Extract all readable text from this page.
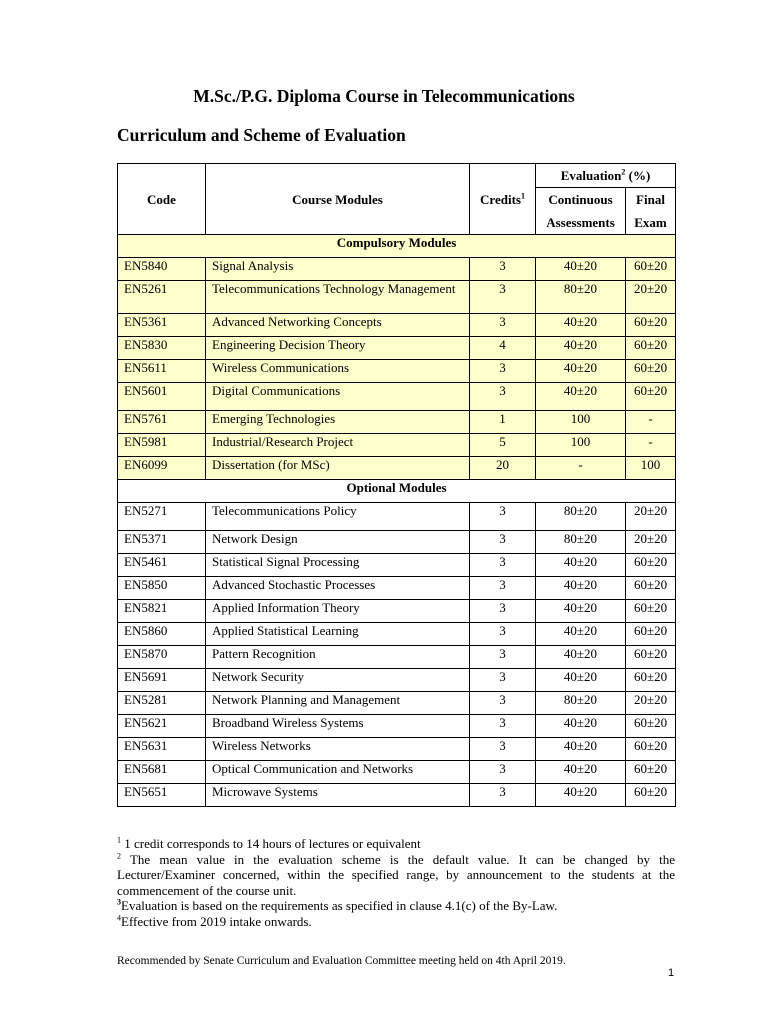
M.Sc./P.G. Diploma Course in Telecommunications
Curriculum and Scheme of Evaluation
Code	Course Modules	Credits$^1$	Evaluation$^2$ (%)	
			Continuous Assessments	Final Exam

Compulsory Modules				
EN5840	Signal Analysis	3	40±20	60±20
EN5261	Telecommunications Technology Management	3	80±20	20±20
EN5361	Advanced Networking Concepts	3	40±20	60±20
EN5830	Engineering Decision Theory	4	40±20	60±20
EN5611	Wireless Communications	3	40±20	60±20
EN5601	Digital Communications	3	40±20	60±20
EN5761	Emerging Technologies	1	100	-
EN5981	Industrial/Research Project	5	100	-
EN6099	Dissertation (for MSc)	20	-	100
Optional Modules				
EN5271	Telecommunications Policy	3	80±20	20±20
EN5371	Network Design	3	80±20	20±20
EN5461	Statistical Signal Processing	3	40±20	60±20
EN5850	Advanced Stochastic Processes	3	40±20	60±20
EN5821	Applied Information Theory	3	40±20	60±20
EN5860	Applied Statistical Learning	3	40±20	60±20
EN5870	Pattern Recognition	3	40±20	60±20
EN5691	Network Security	3	40±20	60±20
EN5281	Network Planning and Management	3	80±20	20±20
EN5621	Broadband Wireless Systems	3	40±20	60±20
EN5631	Wireless Networks	3	40±20	60±20
EN5681	Optical Communication and Networks	3	40±20	60±20
EN5651	Microwave Systems	3	40±20	60±20

$^1$ 1 credit corresponds to 14 hours of lectures or equivalent

$^2$ The mean value in the evaluation scheme is the default value. It can be changed by the Lecturer/Examiner concerned, within the specified range, by announcement to the students at the commencement of the course unit.

$^3$Evaluation is based on the requirements as specified in clause 4.1(c) of the By-Law.

$^4$Effective from 2019 intake onwards.

Recommended by Senate Curriculum and Evaluation Committee meeting held on 4th April 2019.
1
